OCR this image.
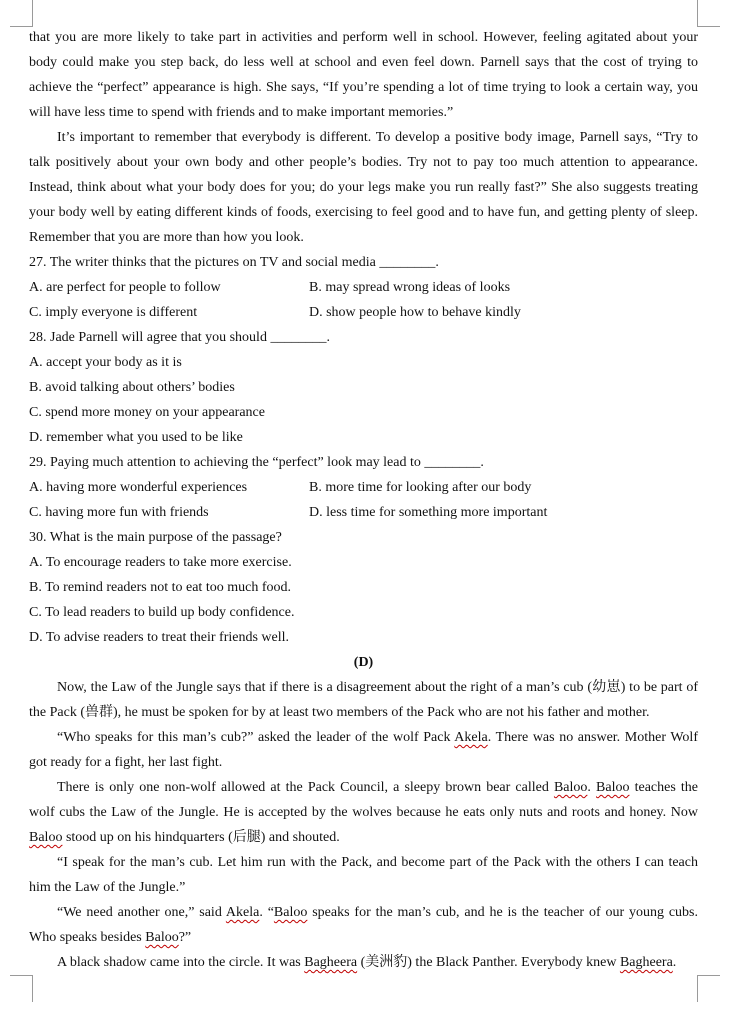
that you are more likely to take part in activities and perform well in school. However, feeling agitated about your body could make you step back, do less well at school and even feel down. Parnell says that the cost of trying to achieve the “perfect” appearance is high. She says, “If you’re spending a lot of time trying to look a certain way, you will have less time to spend with friends and to make important memories.”

It’s important to remember that everybody is different. To develop a positive body image, Parnell says, “Try to talk positively about your own body and other people’s bodies. Try not to pay too much attention to appearance. Instead, think about what your body does for you; do your legs make you run really fast?” She also suggests treating your body well by eating different kinds of foods, exercising to feel good and to have fun, and getting plenty of sleep. Remember that you are more than how you look.

27. The writer thinks that the pictures on TV and social media ________.

A. are perfect for people to follow	B. may spread wrong ideas of looks

C. imply everyone is different	D. show people how to behave kindly

28. Jade Parnell will agree that you should ________.

A. accept your body as it is

B. avoid talking about others’ bodies

C. spend more money on your appearance

D. remember what you used to be like

29. Paying much attention to achieving the “perfect” look may lead to ________.

A. having more wonderful experiences	B. more time for looking after our body

C. having more fun with friends	D. less time for something more important

30. What is the main purpose of the passage?

A. To encourage readers to take more exercise.

B. To remind readers not to eat too much food.

C. To lead readers to build up body confidence.

D. To advise readers to treat their friends well.

(D)

Now, the Law of the Jungle says that if there is a disagreement about the right of a man’s cub (幼崽) to be part of the Pack (兽群), he must be spoken for by at least two members of the Pack who are not his father and mother.

“Who speaks for this man’s cub?” asked the leader of the wolf Pack Akela. There was no answer. Mother Wolf got ready for a fight, her last fight.

There is only one non-wolf allowed at the Pack Council, a sleepy brown bear called Baloo. Baloo teaches the wolf cubs the Law of the Jungle. He is accepted by the wolves because he eats only nuts and roots and honey. Now Baloo stood up on his hindquarters (后腿) and shouted.

“I speak for the man’s cub. Let him run with the Pack, and become part of the Pack with the others I can teach him the Law of the Jungle.”

“We need another one,” said Akela. “Baloo speaks for the man’s cub, and he is the teacher of our young cubs. Who speaks besides Baloo?”

A black shadow came into the circle. It was Bagheera (美洲豹) the Black Panther. Everybody knew Bagheera.
